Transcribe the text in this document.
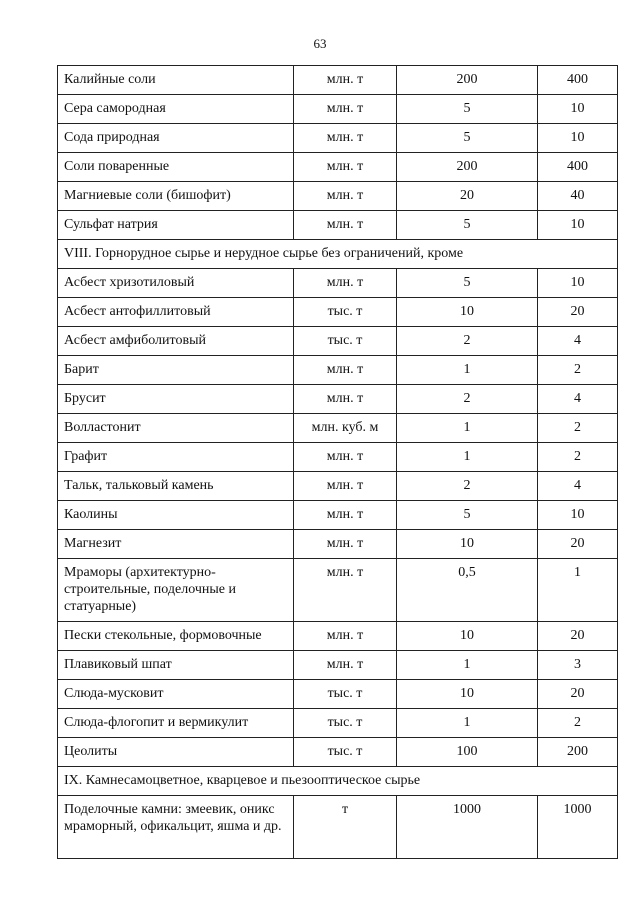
63
Калийные соли	млн. т	200	400
Сера самородная	млн. т	5	10
Сода природная	млн. т	5	10
Соли поваренные	млн. т	200	400
Магниевые соли (бишофит)	млн. т	20	40
Сульфат натрия	млн. т	5	10
VIII. Горнорудное сырье и нерудное сырье без ограничений, кроме			
Асбест хризотиловый	млн. т	5	10
Асбест антофиллитовый	тыс. т	10	20
Асбест амфиболитовый	тыс. т	2	4
Барит	млн. т	1	2
Брусит	млн. т	2	4
Волластонит	млн. куб. м	1	2
Графит	млн. т	1	2
Тальк, тальковый камень	млн. т	2	4
Каолины	млн. т	5	10
Магнезит	млн. т	10	20
Мраморы (архитектурно-строительные, поделочные и статуарные)	млн. т	0,5	1
Пески стекольные, формовочные	млн. т	10	20
Плавиковый шпат	млн. т	1	3
Слюда-мусковит	тыс. т	10	20
Слюда-флогопит и вермикулит	тыс. т	1	2
Цеолиты	тыс. т	100	200
IX. Камнесамоцветное, кварцевое и пьезооптическое сырье			
Поделочные камни: змеевик, оникс мраморный, офикальцит, яшма и др.	т	1000	1000
